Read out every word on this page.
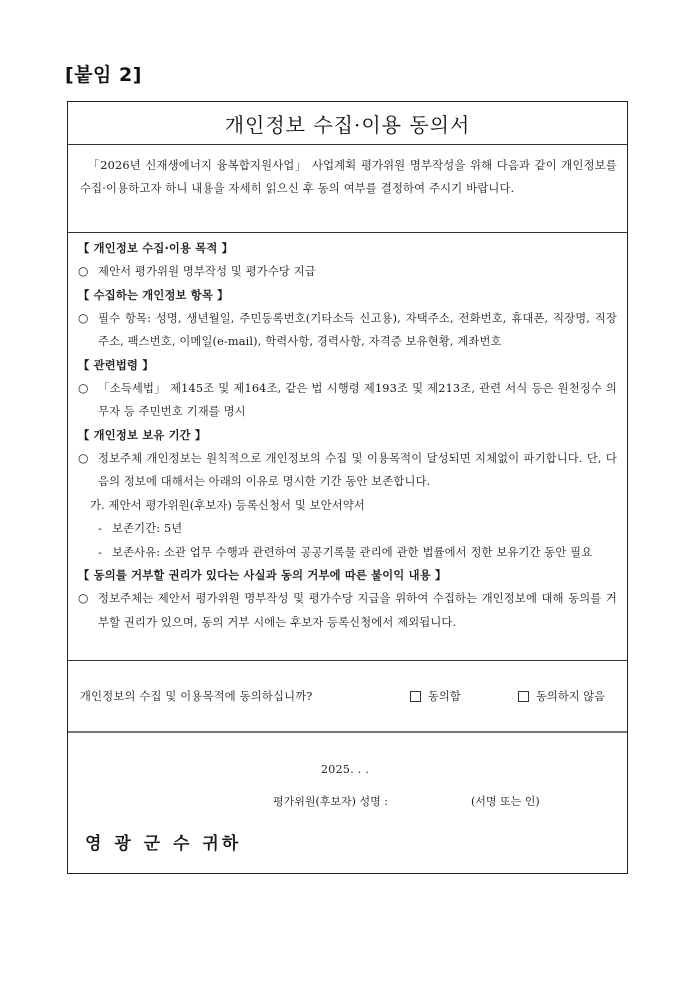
[붙임 2]
개인정보 수집·이용 동의서

「2026년 신재생에너지 융복합지원사업」 사업계획 평가위원 명부작성을 위해 다음과 같이 개인정보를 수집·이용하고자 하니 내용을 자세히 읽으신 후 동의 여부를 결정하여 주시기 바랍니다.

【 개인정보 수집·이용 목적 】
○ 제안서 평가위원 명부작성 및 평가수당 지급
【 수집하는 개인정보 항목 】
○ 필수 항목: 성명, 생년월일, 주민등록번호(기타소득 신고용), 자택주소, 전화번호, 휴대폰, 직장명, 직장주소, 팩스번호, 이메일(e-mail), 학력사항, 경력사항, 자격증 보유현황, 계좌번호
【 관련법령 】
○ 「소득세법」 제145조 및 제164조, 같은 법 시행령 제193조 및 제213조, 관련 서식 등은 원천징수 의무자 등 주민번호 기재를 명시
【 개인정보 보유 기간 】
○ 정보주체 개인정보는 원칙적으로 개인정보의 수집 및 이용목적이 달성되면 지체없이 파기합니다. 단, 다음의 정보에 대해서는 아래의 이유로 명시한 기간 동안 보존합니다.
가. 제안서 평가위원(후보자) 등록신청서 및 보안서약서
- 보존기간: 5년
- 보존사유: 소관 업무 수행과 관련하여 공공기록물 관리에 관한 법률에서 정한 보유기간 동안 필요
【 동의를 거부할 권리가 있다는 사실과 동의 거부에 따른 불이익 내용 】
○ 정보주체는 제안서 평가위원 명부작성 및 평가수당 지급을 위하여 수집하는 개인정보에 대해 동의를 거부할 권리가 있으며, 동의 거부 시에는 후보자 등록신청에서 제외됩니다.
개인정보의 수집 및 이용목적에 동의하십니까?	동의함	동의하지 않음
2025. . .
평가위원(후보자) 성명 :	(서명 또는 인)
영 광 군 수 귀하
